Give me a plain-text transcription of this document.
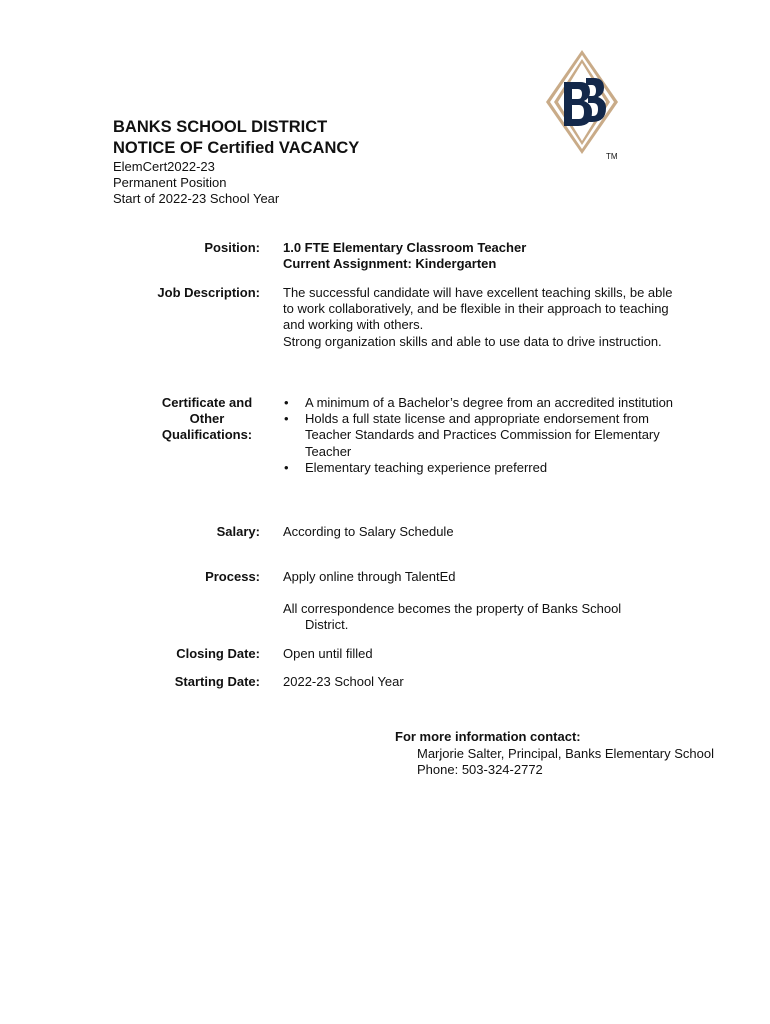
TM

BANKS SCHOOL DISTRICT

NOTICE OF Certified VACANCY

ElemCert2022-23

Permanent Position

Start of 2022-23 School Year

Position: 1.0 FTE Elementary Classroom Teacher

Current Assignment: Kindergarten

Job Description: The successful candidate will have excellent teaching skills, be able to work collaboratively, and be flexible in their approach to teaching and working with others.

Strong organization skills and able to use data to drive instruction.

Certificate and
Other
Qualifications:
• A minimum of a Bachelor’s degree from an accredited institution
• Holds a full state license and appropriate endorsement from Teacher Standards and Practices Commission for Elementary Teacher
• Elementary teaching experience preferred
Salary: According to Salary Schedule
Process: Apply online through TalentEd

All correspondence becomes the property of Banks School District.

Closing Date: Open until filled
Starting Date: 2022-23 School Year
For more information contact:
Marjorie Salter, Principal, Banks Elementary School
Phone: 503-324-2772
